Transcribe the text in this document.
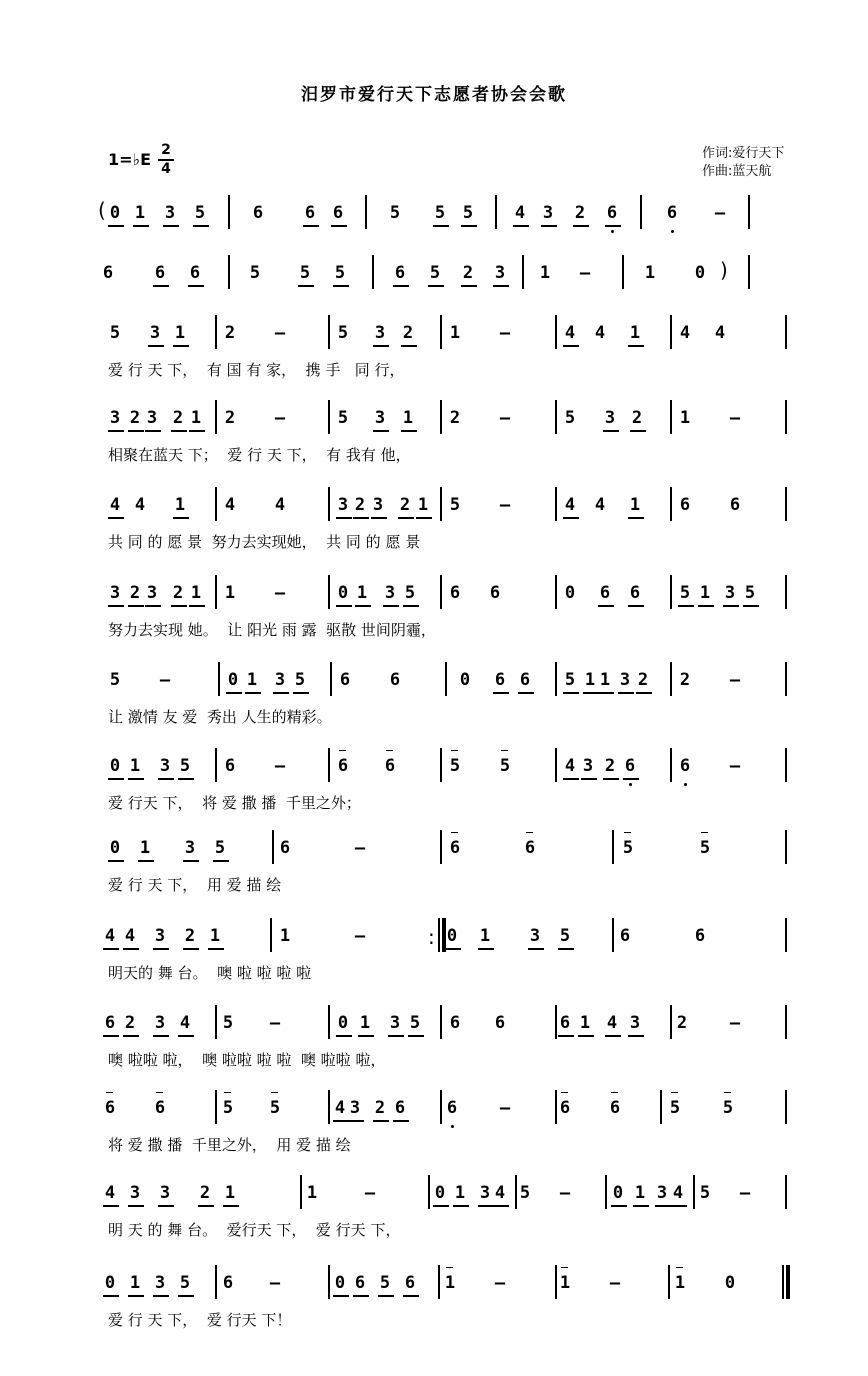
汨罗市爱行天下志愿者协会会歌
1=♭E 2
4
作词:爱行天下
作曲:蓝天航
0 1 3 5	6 6 6	5 5 5 4 3 2 6	6 –
6 6 6	5 5 5	6 5 2 3 1 –	1 0
5 3 1 2 –	5 3 2 1 –	4 4 1 4 4
爱 行 天 下，  有 国 有 家，  携 手   同 行，
3 2 3 2 1 2 –	5 3 1 2 –	5 3 2 1 –
相聚在蓝天 下；  爱 行 天 下，  有 我有 他，
4 4 1 4 4	3 2 3 2 1 5 –	4 4 1 6 6
共 同 的 愿 景  努力去实现她，  共 同 的 愿 景
3 2 3 2 1 1 –	0 1 3 5 6 6	0 6 6 5 1 3 5
努力去实现 她。  让 阳光 雨 露  驱散 世间阴霾，
5 –	0 1 3 5 6 6	0 6 6 5 1 1 3 2 2 –
让 激情 友 爱  秀出 人生的精彩。
0 1 3 5 6 –	6 6	5 5	4 3 2 6	6 –
爱 行天 下，  将 爱 撒 播  千里之外；
0 1 3 5	6	–	6	6	5	5
爱 行 天 下，  用 爱 描 绘
4 4 3 2 1	1	–	0 1 3 5	6	6
明天的 舞 台。  噢 啦 啦 啦 啦
6 2 3 4 5 –	0 1 3 5 6 6	6 1 4 3 2	–
噢 啦啦 啦，  噢 啦啦 啦 啦  噢 啦啦 啦，
6 6	5 5	4 3 2 6 6	–	6 6	5	5
将 爱 撒 播  千里之外，  用 爱 描 绘
4 3 3 2 1	1	–	0 1 3 4 5 –	0 1 3 4 5 –
明 天 的 舞 台。  爱行天 下，  爱 行天 下，
0 1 3 5 6 –	0 6 5 6 1 –	1 –	1 0
爱 行 天 下，  爱 行天 下！
(
)
:
